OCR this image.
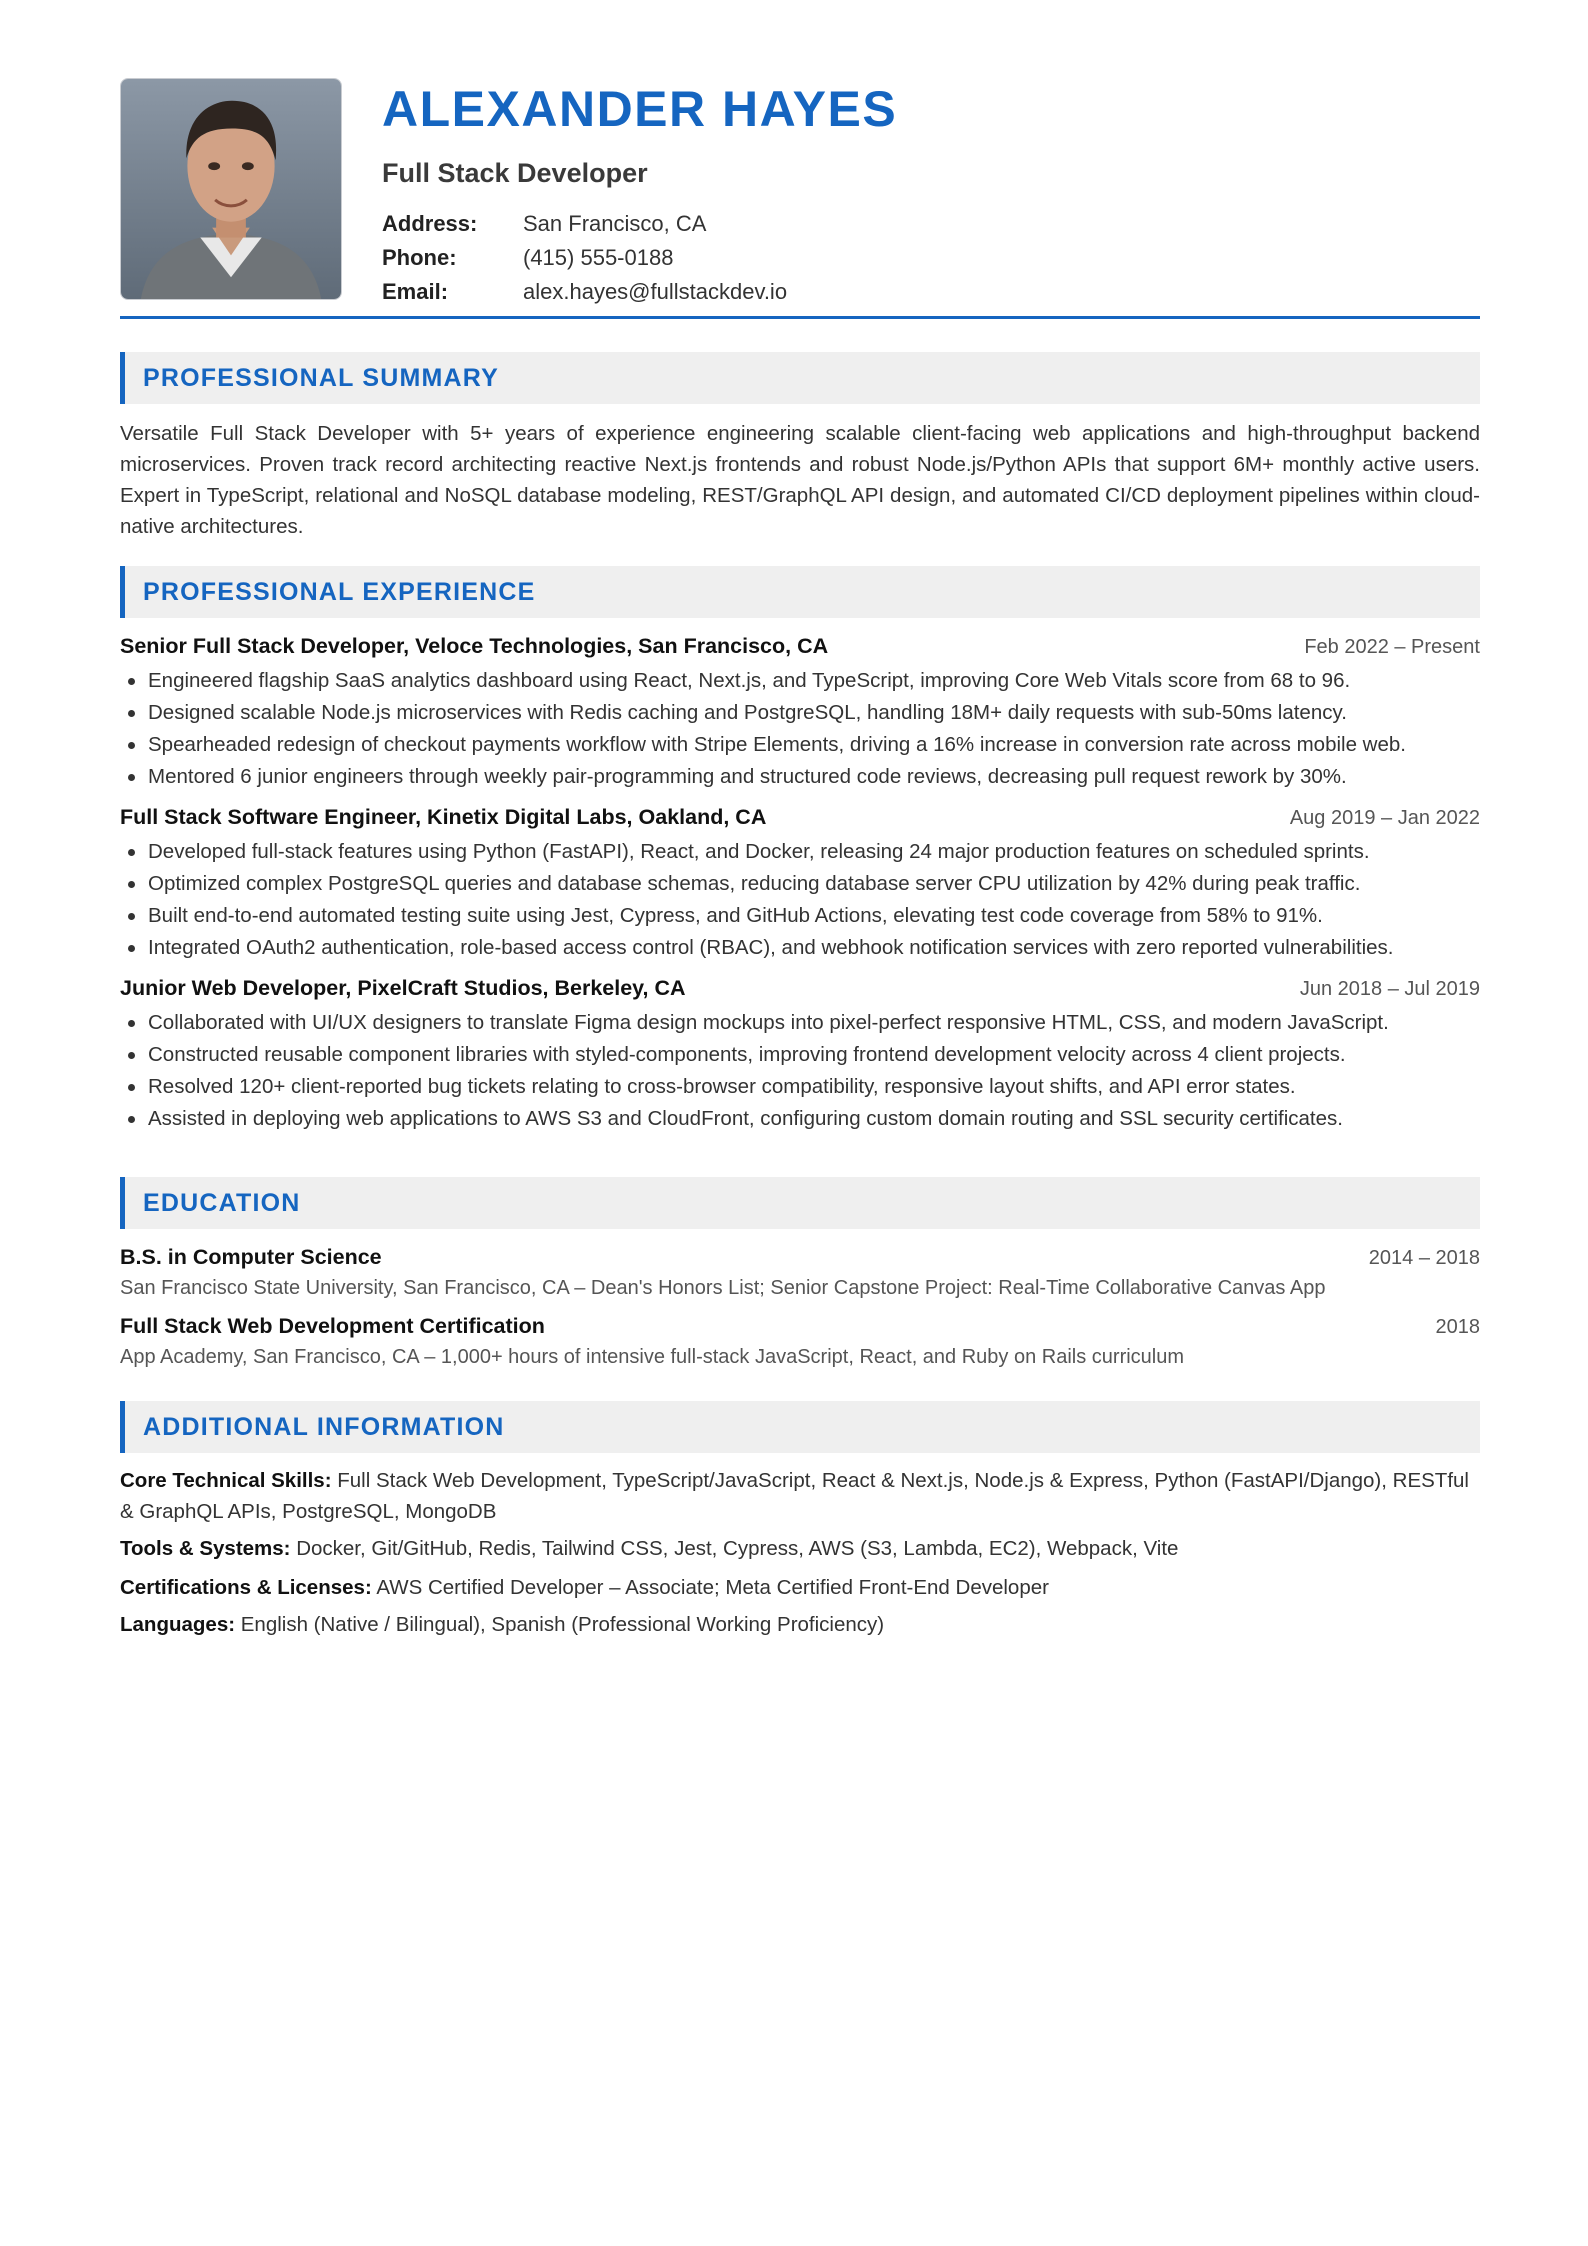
ALEXANDER HAYES
Full Stack Developer
Address:	San Francisco, CA
Phone:	(415) 555-0188
Email:	alex.hayes@fullstackdev.io
PROFESSIONAL SUMMARY

Versatile Full Stack Developer with 5+ years of experience engineering scalable client-facing web applications and high-throughput backend microservices. Proven track record architecting reactive Next.js frontends and robust Node.js/Python APIs that support 6M+ monthly active users. Expert in TypeScript, relational and NoSQL database modeling, REST/GraphQL API design, and automated CI/CD deployment pipelines within cloud-native architectures.

PROFESSIONAL EXPERIENCE
Senior Full Stack Developer, Veloce Technologies, San Francisco, CA	Feb 2022 – Present
Engineered flagship SaaS analytics dashboard using React, Next.js, and TypeScript, improving Core Web Vitals score from 68 to 96.
Designed scalable Node.js microservices with Redis caching and PostgreSQL, handling 18M+ daily requests with sub-50ms latency.
Spearheaded redesign of checkout payments workflow with Stripe Elements, driving a 16% increase in conversion rate across mobile web.
Mentored 6 junior engineers through weekly pair-programming and structured code reviews, decreasing pull request rework by 30%.
Full Stack Software Engineer, Kinetix Digital Labs, Oakland, CA	Aug 2019 – Jan 2022
Developed full-stack features using Python (FastAPI), React, and Docker, releasing 24 major production features on scheduled sprints.
Optimized complex PostgreSQL queries and database schemas, reducing database server CPU utilization by 42% during peak traffic.
Built end-to-end automated testing suite using Jest, Cypress, and GitHub Actions, elevating test code coverage from 58% to 91%.
Integrated OAuth2 authentication, role-based access control (RBAC), and webhook notification services with zero reported vulnerabilities.
Junior Web Developer, PixelCraft Studios, Berkeley, CA	Jun 2018 – Jul 2019
Collaborated with UI/UX designers to translate Figma design mockups into pixel-perfect responsive HTML, CSS, and modern JavaScript.
Constructed reusable component libraries with styled-components, improving frontend development velocity across 4 client projects.
Resolved 120+ client-reported bug tickets relating to cross-browser compatibility, responsive layout shifts, and API error states.
Assisted in deploying web applications to AWS S3 and CloudFront, configuring custom domain routing and SSL security certificates.
EDUCATION
B.S. in Computer Science	2014 – 2018
San Francisco State University, San Francisco, CA – Dean's Honors List; Senior Capstone Project: Real-Time Collaborative Canvas App
Full Stack Web Development Certification	2018
App Academy, San Francisco, CA – 1,000+ hours of intensive full-stack JavaScript, React, and Ruby on Rails curriculum
ADDITIONAL INFORMATION
Core Technical Skills: Full Stack Web Development, TypeScript/JavaScript, React & Next.js, Node.js & Express, Python (FastAPI/Django), RESTful & GraphQL APIs, PostgreSQL, MongoDB
Tools & Systems: Docker, Git/GitHub, Redis, Tailwind CSS, Jest, Cypress, AWS (S3, Lambda, EC2), Webpack, Vite
Certifications & Licenses: AWS Certified Developer – Associate; Meta Certified Front-End Developer
Languages: English (Native / Bilingual), Spanish (Professional Working Proficiency)
